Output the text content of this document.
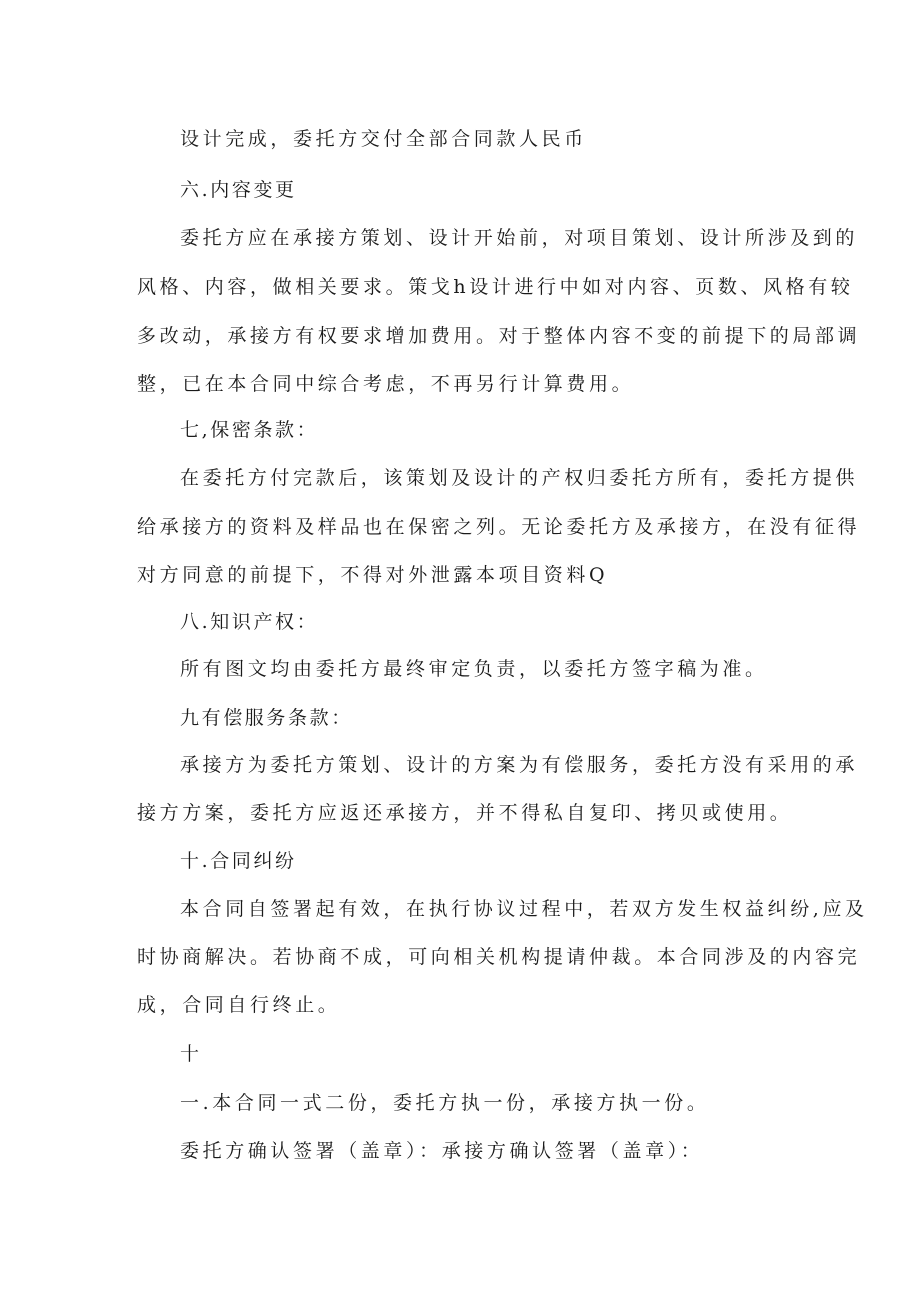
设计完成，委托方交付全部合同款人民币
六.内容变更
委托方应在承接方策划、设计开始前，对项目策划、设计所涉及到的
风格、内容，做相关要求。策戈h设计进行中如对内容、页数、风格有较
多改动，承接方有权要求增加费用。对于整体内容不变的前提下的局部调
整，已在本合同中综合考虑，不再另行计算费用。
七,保密条款：
在委托方付完款后，该策划及设计的产权归委托方所有，委托方提供
给承接方的资料及样品也在保密之列。无论委托方及承接方，在没有征得
对方同意的前提下，不得对外泄露本项目资料Q
八.知识产权：
所有图文均由委托方最终审定负责，以委托方签字稿为准。
九有偿服务条款：
承接方为委托方策划、设计的方案为有偿服务，委托方没有采用的承
接方方案，委托方应返还承接方，并不得私自复印、拷贝或使用。
十.合同纠纷
本合同自签署起有效，在执行协议过程中，若双方发生权益纠纷,应及
时协商解决。若协商不成，可向相关机构提请仲裁。本合同涉及的内容完
成，合同自行终止。
十
一.本合同一式二份，委托方执一份，承接方执一份。
委托方确认签署（盖章）：承接方确认签署（盖章）：
